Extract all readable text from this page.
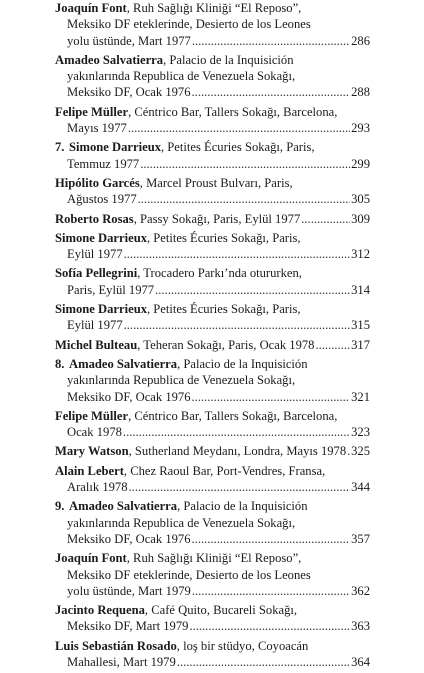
Joaquín Font , Ruh Sağlığı Kliniği “El Reposo”,
Meksiko DF eteklerinde, Desierto de los Leones
yolu üstünde, Mart 1977 .....	286
Amadeo Salvatierra , Palacio de la Inquisición
yakınlarında Republica de Venezuela Sokağı,
Meksiko DF, Ocak 1976 .....	288
Felipe Müller , Céntrico Bar, Tallers Sokağı, Barcelona,
Mayıs 1977 .....	293
7. Simone Darrieux , Petites Écuries Sokağı, Paris,
Temmuz 1977 .....	299
Hipólito Garcés , Marcel Proust Bulvarı, Paris,
Ağustos 1977 .....	305
Roberto Rosas , Passy Sokağı, Paris, Eylül 1977 .....	309
Simone Darrieux , Petites Écuries Sokağı, Paris,
Eylül 1977 .....	312
Sofía Pellegrini , Trocadero Parkı’nda otururken,
Paris, Eylül 1977 .....	314
Simone Darrieux , Petites Écuries Sokağı, Paris,
Eylül 1977 .....	315
Michel Bulteau , Teheran Sokağı, Paris, Ocak 1978 .....	317
8. Amadeo Salvatierra , Palacio de la Inquisición
yakınlarında Republica de Venezuela Sokağı,
Meksiko DF, Ocak 1976 .....	321
Felipe Müller , Céntrico Bar, Tallers Sokağı, Barcelona,
Ocak 1978 .....	323
Mary Watson , Sutherland Meydanı, Londra, Mayıs 1978 ..... 325
Alain Lebert , Chez Raoul Bar, Port-Vendres, Fransa,
Aralık 1978 .....	344
9. Amadeo Salvatierra , Palacio de la Inquisición
yakınlarında Republica de Venezuela Sokağı,
Meksiko DF, Ocak 1976 .....	357
Joaquín Font , Ruh Sağlığı Kliniği “El Reposo”,
Meksiko DF eteklerinde, Desierto de los Leones
yolu üstünde, Mart 1979 .....	362
Jacinto Requena , Café Quito, Bucareli Sokağı,
Meksiko DF, Mart 1979 .....	363
Luis Sebastián Rosado , loş bir stüdyo, Coyoacán
Mahallesi, Mart 1979 .....	364
